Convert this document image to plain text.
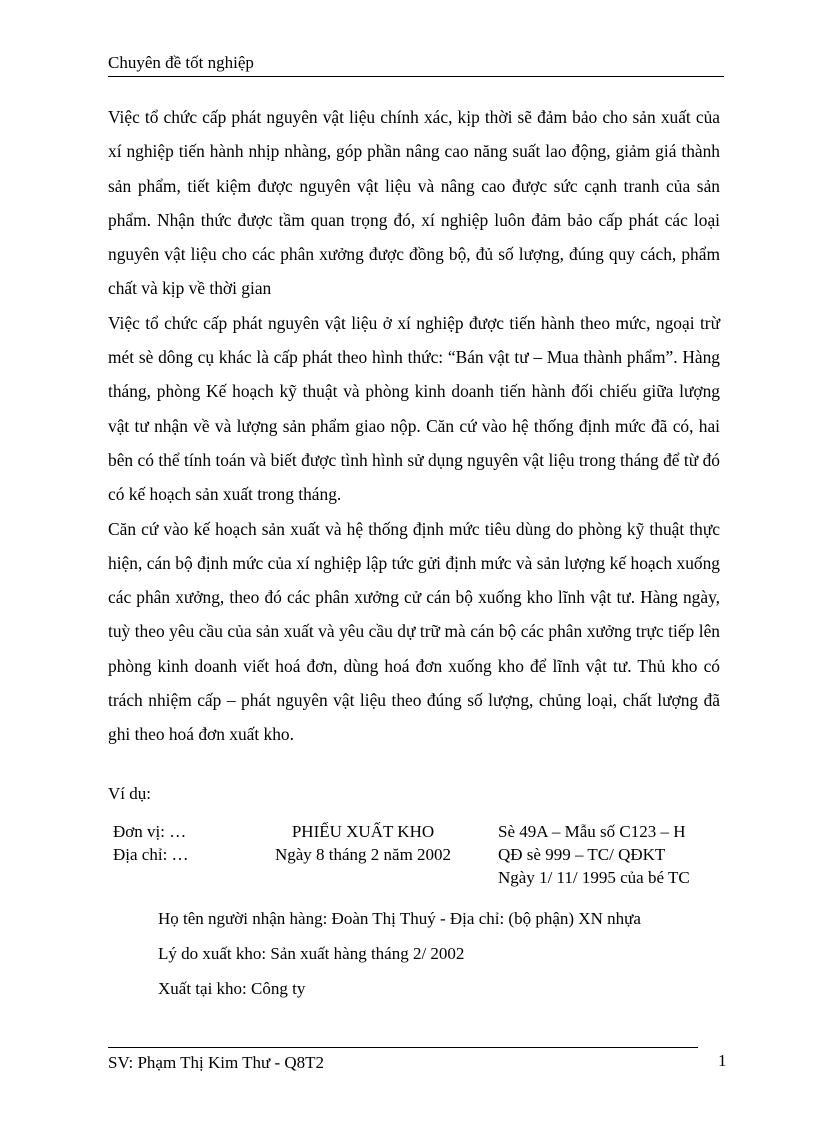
Chuyên đề tốt nghiệp

Việc tổ chức cấp phát nguyên vật liệu chính xác, kịp thời sẽ đảm bảo cho sản xuất của xí nghiệp tiến hành nhịp nhàng, góp phần nâng cao năng suất lao động, giảm giá thành sản phẩm, tiết kiệm được nguyên vật liệu và nâng cao được sức cạnh tranh của sản phẩm. Nhận thức được tầm quan trọng đó, xí nghiệp luôn đảm bảo cấp phát các loại nguyên vật liệu cho các phân xưởng được đồng bộ, đủ số lượng, đúng quy cách, phẩm chất và kịp về thời gian

Việc tổ chức cấp phát nguyên vật liệu ở xí nghiệp được tiến hành theo mức, ngoại trừ mét sè dông cụ khác là cấp phát theo hình thức: “Bán vật tư – Mua thành phẩm”. Hàng tháng, phòng Kế hoạch kỹ thuật và phòng kinh doanh tiến hành đối chiếu giữa lượng vật tư nhận về và lượng sản phẩm giao nộp. Căn cứ vào hệ thống định mức đã có, hai bên có thể tính toán và biết được tình hình sử dụng nguyên vật liệu trong tháng để từ đó có kế hoạch sản xuất trong tháng.

Căn cứ vào kế hoạch sản xuất và hệ thống định mức tiêu dùng do phòng kỹ thuật thực hiện, cán bộ định mức của xí nghiệp lập tức gửi định mức và sản lượng kế hoạch xuống các phân xưởng, theo đó các phân xưởng cử cán bộ xuống kho lĩnh vật tư. Hàng ngày, tuỳ theo yêu cầu của sản xuất và yêu cầu dự trữ mà cán bộ các phân xưởng trực tiếp lên phòng kinh doanh viết hoá đơn, dùng hoá đơn xuống kho để lĩnh vật tư. Thủ kho có trách nhiệm cấp – phát nguyên vật liệu theo đúng số lượng, chủng loại, chất lượng đã ghi theo hoá đơn xuất kho.

Ví dụ:
Đơn vị: …
Địa chỉ: …
PHIẾU XUẤT KHO
Ngày 8 tháng 2 năm 2002
Sè 49A – Mẫu số C123 – H
QĐ sè 999 – TC/ QĐKT
Ngày 1/ 11/ 1995 của bé TC
Họ tên người nhận hàng: Đoàn Thị Thuý - Địa chỉ: (bộ phận) XN nhựa
Lý do xuất kho: Sản xuất hàng tháng 2/ 2002
Xuất tại kho: Công ty
SV: Phạm Thị Kim Thư - Q8T2	1
